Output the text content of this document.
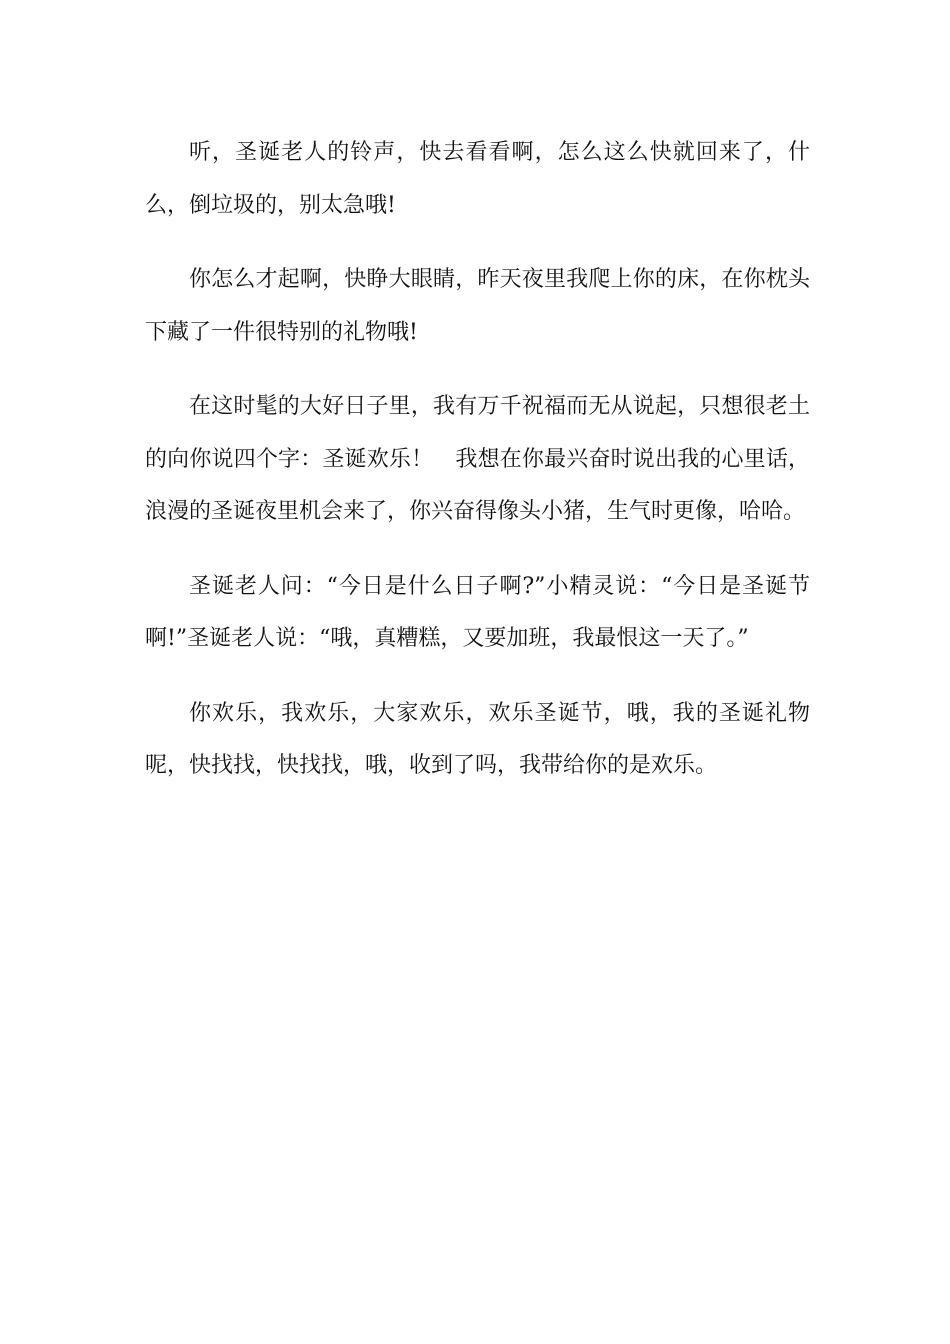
听，圣诞老人的铃声，快去看看啊，怎么这么快就回来了，什么，倒垃圾的，别太急哦!

你怎么才起啊，快睁大眼睛，昨天夜里我爬上你的床，在你枕头下藏了一件很特别的礼物哦!

在这时髦的大好日子里，我有万千祝福而无从说起，只想很老土的向你说四个字：圣诞欢乐！　我想在你最兴奋时说出我的心里话，浪漫的圣诞夜里机会来了，你兴奋得像头小猪，生气时更像，哈哈。

圣诞老人问：“今日是什么日子啊?”小精灵说：“今日是圣诞节啊!”圣诞老人说：“哦，真糟糕，又要加班，我最恨这一天了。”

你欢乐，我欢乐，大家欢乐，欢乐圣诞节，哦，我的圣诞礼物呢，快找找，快找找，哦，收到了吗，我带给你的是欢乐。
